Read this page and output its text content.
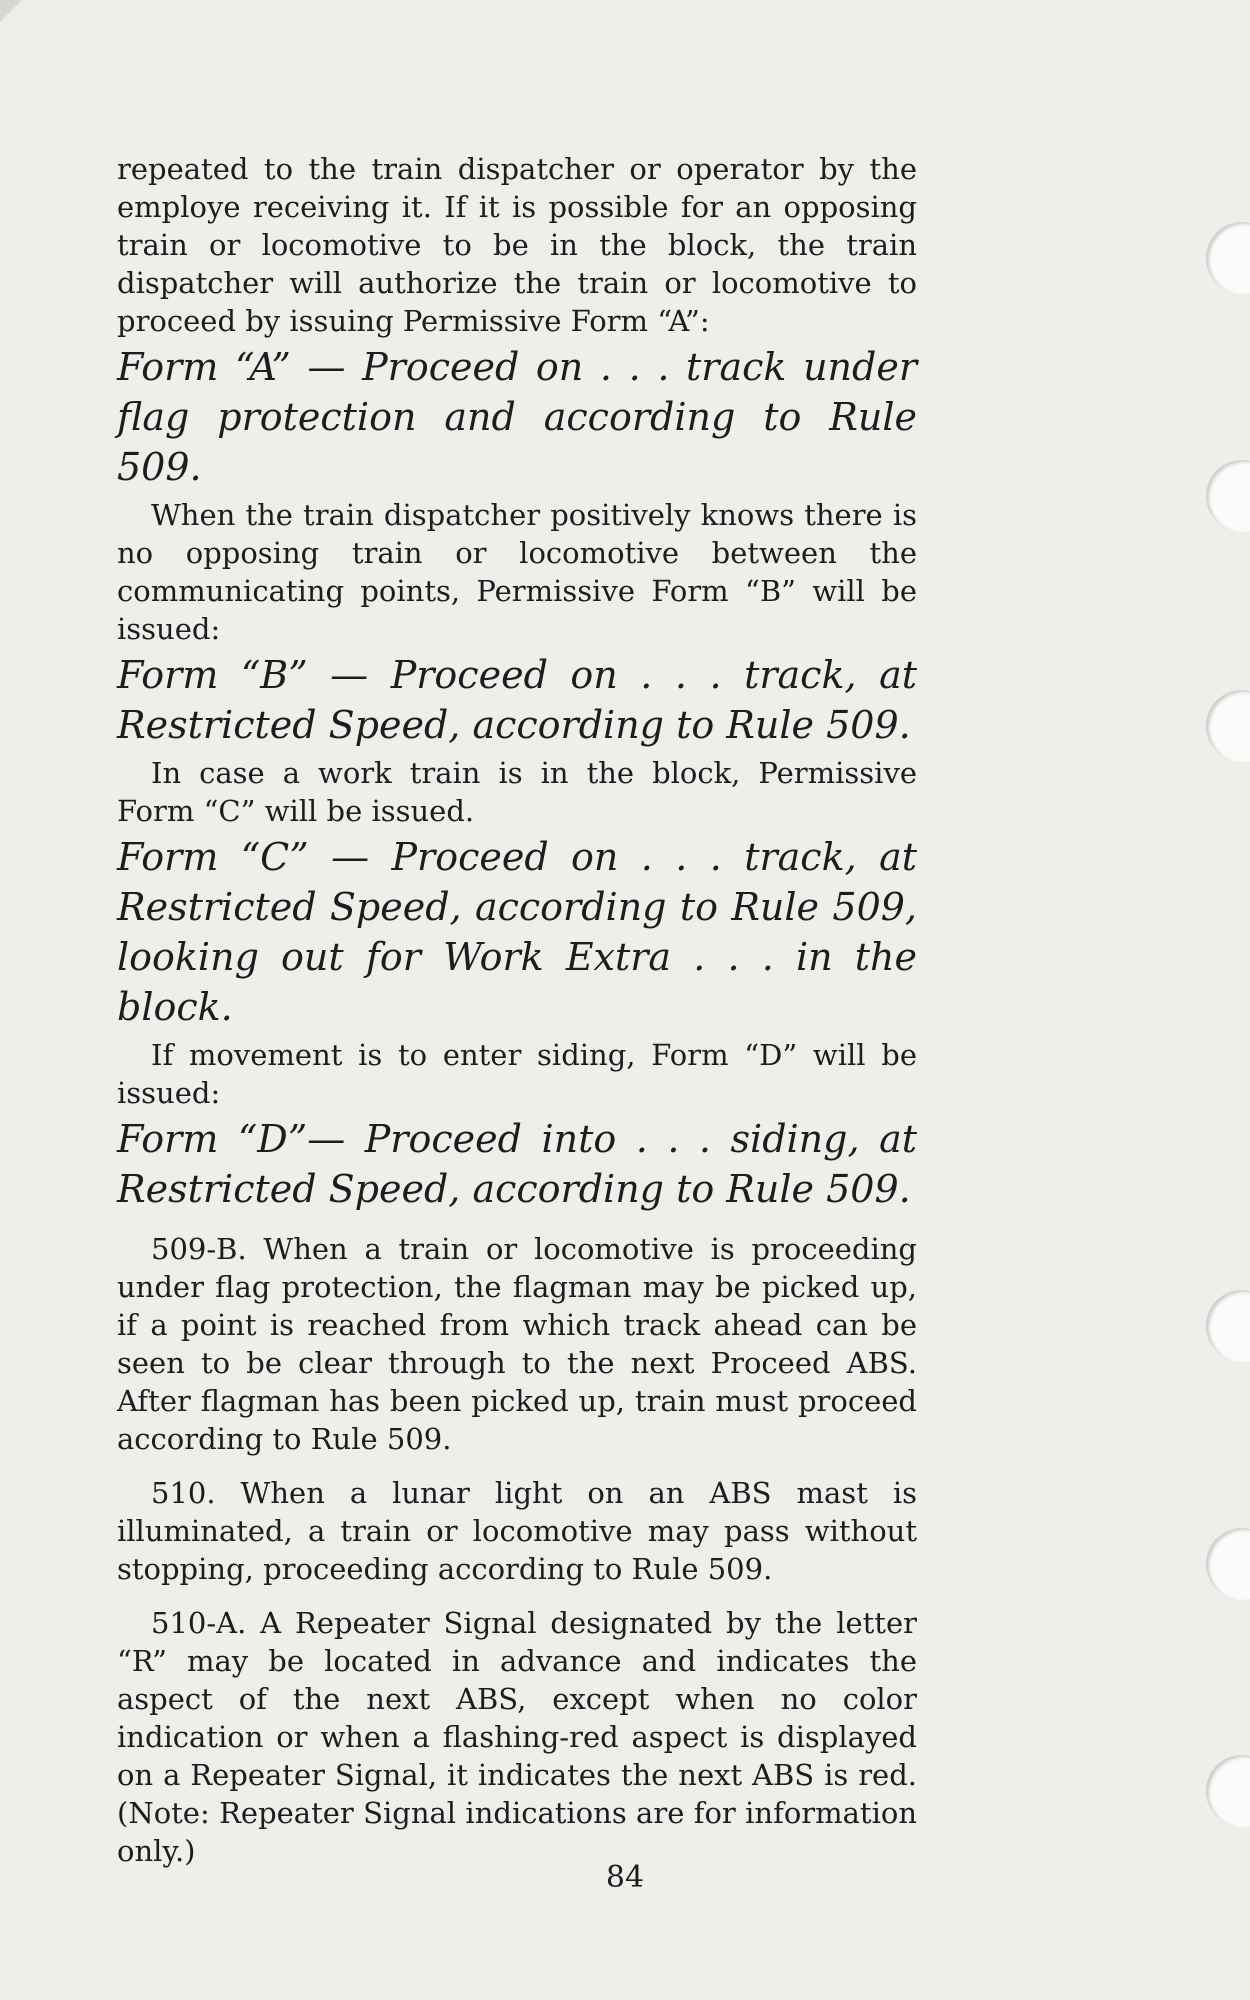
repeated to the train dispatcher or operator by the employe receiving it. If it is possible for an opposing train or locomotive to be in the block, the train dispatcher will authorize the train or locomotive to proceed by issuing Permissive Form “A”:

Form “A” — Proceed on . . . track under flag protection and according to Rule 509.

When the train dispatcher positively knows there is no opposing train or locomotive between the communicating points, Permissive Form “B” will be issued:

Form “B” — Proceed on . . . track, at Restricted Speed, according to Rule 509.

In case a work train is in the block, Permissive Form “C” will be issued.

Form “C” — Proceed on . . . track, at Restricted Speed, according to Rule 509, looking out for Work Extra . . . in the block.

If movement is to enter siding, Form “D” will be issued:

Form “D”— Proceed into . . . siding, at Restricted Speed, according to Rule 509.

509-B. When a train or locomotive is proceeding under flag protection, the flagman may be picked up, if a point is reached from which track ahead can be seen to be clear through to the next Proceed ABS. After flagman has been picked up, train must proceed according to Rule 509.

510. When a lunar light on an ABS mast is illuminated, a train or locomotive may pass without stopping, proceeding according to Rule 509.

510-A. A Repeater Signal designated by the letter “R” may be located in advance and indicates the aspect of the next ABS, except when no color indication or when a flashing-red aspect is displayed on a Repeater Signal, it indicates the next ABS is red. (Note: Repeater Signal indications are for information only.)

84
